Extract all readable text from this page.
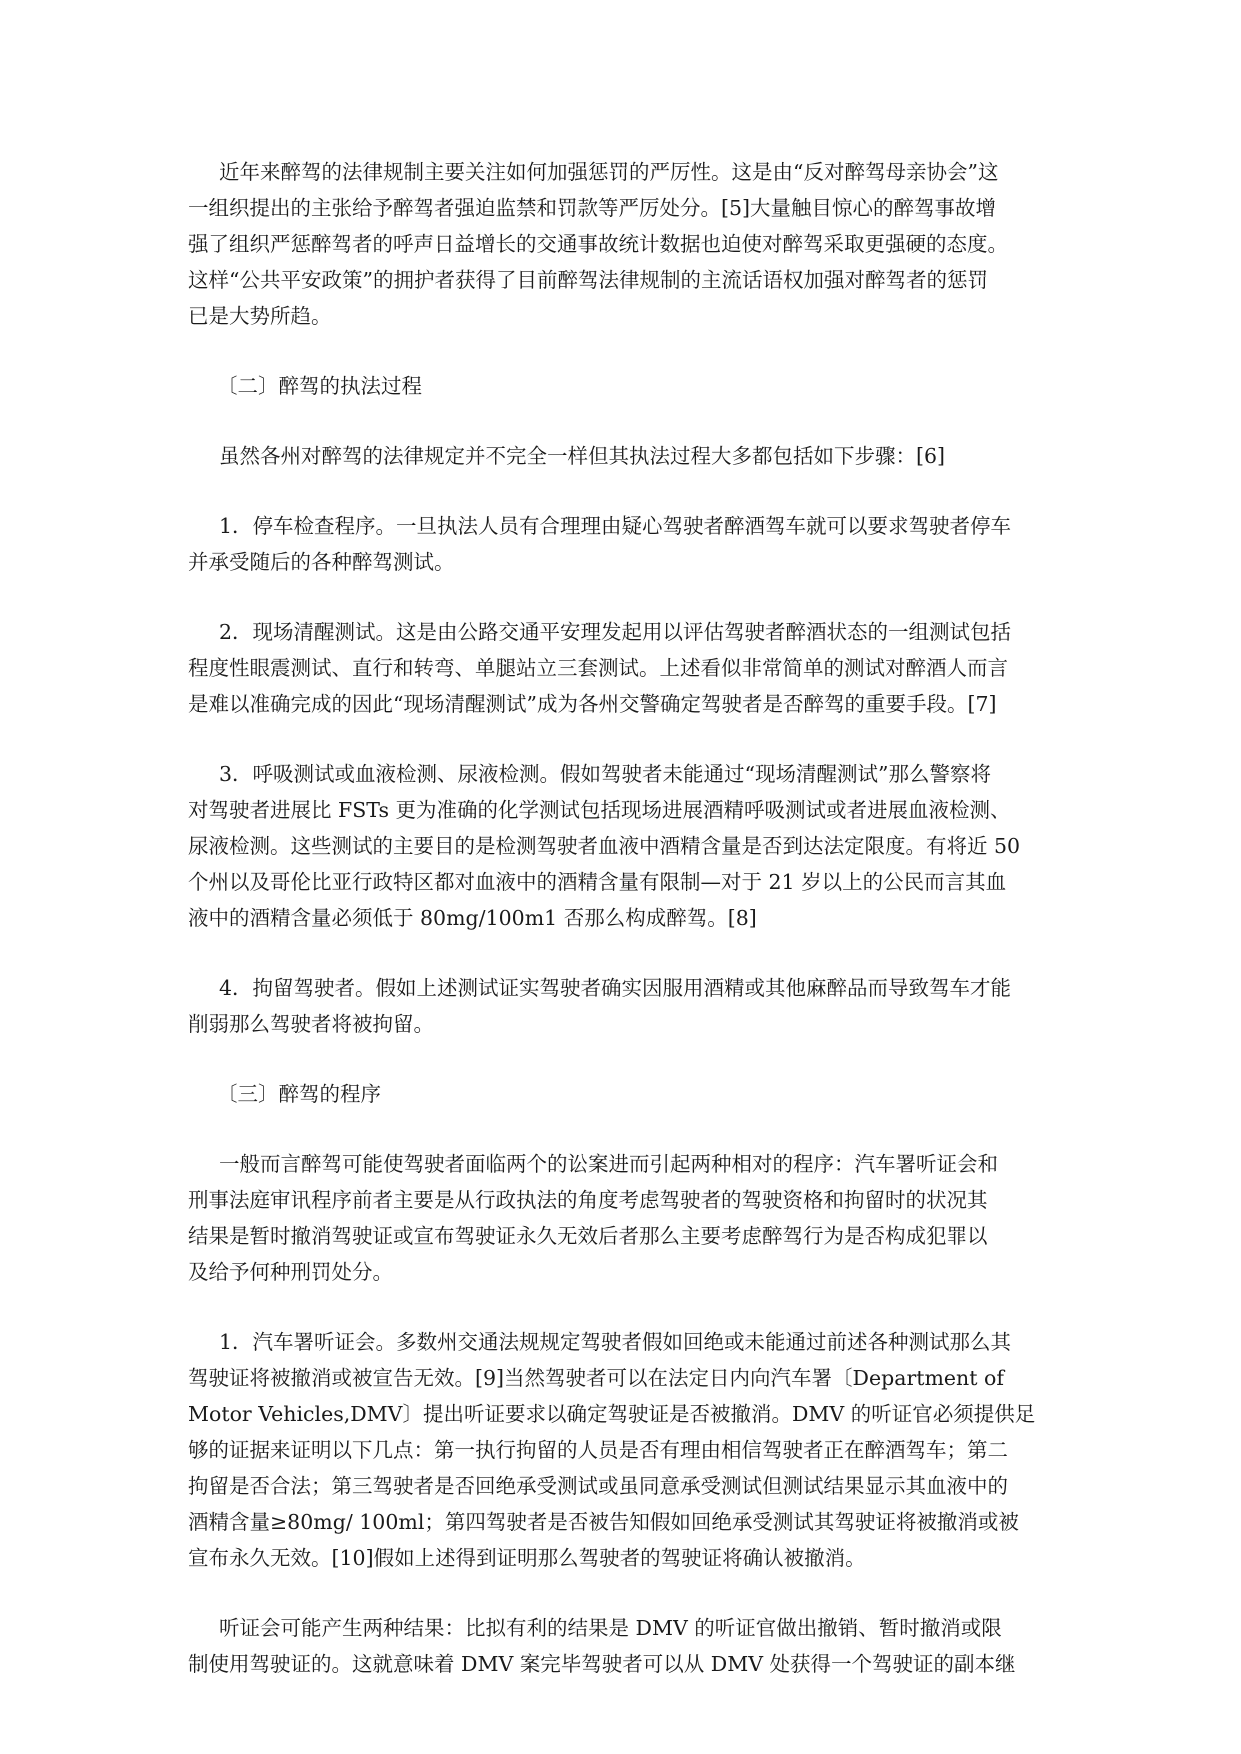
近年来醉驾的法律规制主要关注如何加强惩罚的严厉性。这是由“反对醉驾母亲协会”这
一组织提出的主张给予醉驾者强迫监禁和罚款等严厉处分。[5]大量触目惊心的醉驾事故增
强了组织严惩醉驾者的呼声日益增长的交通事故统计数据也迫使对醉驾采取更强硬的态度。
这样“公共平安政策”的拥护者获得了目前醉驾法律规制的主流话语权加强对醉驾者的惩罚
已是大势所趋。

〔二〕醉驾的执法过程

虽然各州对醉驾的法律规定并不完全一样但其执法过程大多都包括如下步骤：[6]

1．停车检查程序。一旦执法人员有合理理由疑心驾驶者醉酒驾车就可以要求驾驶者停车
并承受随后的各种醉驾测试。

2．现场清醒测试。这是由公路交通平安理发起用以评估驾驶者醉酒状态的一组测试包括
程度性眼震测试、直行和转弯、单腿站立三套测试。上述看似非常简单的测试对醉酒人而言
是难以准确完成的因此“现场清醒测试”成为各州交警确定驾驶者是否醉驾的重要手段。[7]

3．呼吸测试或血液检测、尿液检测。假如驾驶者未能通过“现场清醒测试”那么警察将
对驾驶者进展比 FSTs 更为准确的化学测试包括现场进展酒精呼吸测试或者进展血液检测、
尿液检测。这些测试的主要目的是检测驾驶者血液中酒精含量是否到达法定限度。有将近 50
个州以及哥伦比亚行政特区都对血液中的酒精含量有限制—对于 21 岁以上的公民而言其血
液中的酒精含量必须低于 80mg/100m1 否那么构成醉驾。[8]

4．拘留驾驶者。假如上述测试证实驾驶者确实因服用酒精或其他麻醉品而导致驾车才能
削弱那么驾驶者将被拘留。

〔三〕醉驾的程序

一般而言醉驾可能使驾驶者面临两个的讼案进而引起两种相对的程序：汽车署听证会和
刑事法庭审讯程序前者主要是从行政执法的角度考虑驾驶者的驾驶资格和拘留时的状况其
结果是暂时撤消驾驶证或宣布驾驶证永久无效后者那么主要考虑醉驾行为是否构成犯罪以
及给予何种刑罚处分。

1．汽车署听证会。多数州交通法规规定驾驶者假如回绝或未能通过前述各种测试那么其
驾驶证将被撤消或被宣告无效。[9]当然驾驶者可以在法定日内向汽车署〔Department of
Motor Vehicles,DMV〕提出听证要求以确定驾驶证是否被撤消。DMV 的听证官必须提供足
够的证据来证明以下几点：第一执行拘留的人员是否有理由相信驾驶者正在醉酒驾车；第二
拘留是否合法；第三驾驶者是否回绝承受测试或虽同意承受测试但测试结果显示其血液中的
酒精含量≥80mg/ 100ml；第四驾驶者是否被告知假如回绝承受测试其驾驶证将被撤消或被
宣布永久无效。[10]假如上述得到证明那么驾驶者的驾驶证将确认被撤消。

听证会可能产生两种结果：比拟有利的结果是 DMV 的听证官做出撤销、暂时撤消或限
制使用驾驶证的。这就意味着 DMV 案完毕驾驶者可以从 DMV 处获得一个驾驶证的副本继
